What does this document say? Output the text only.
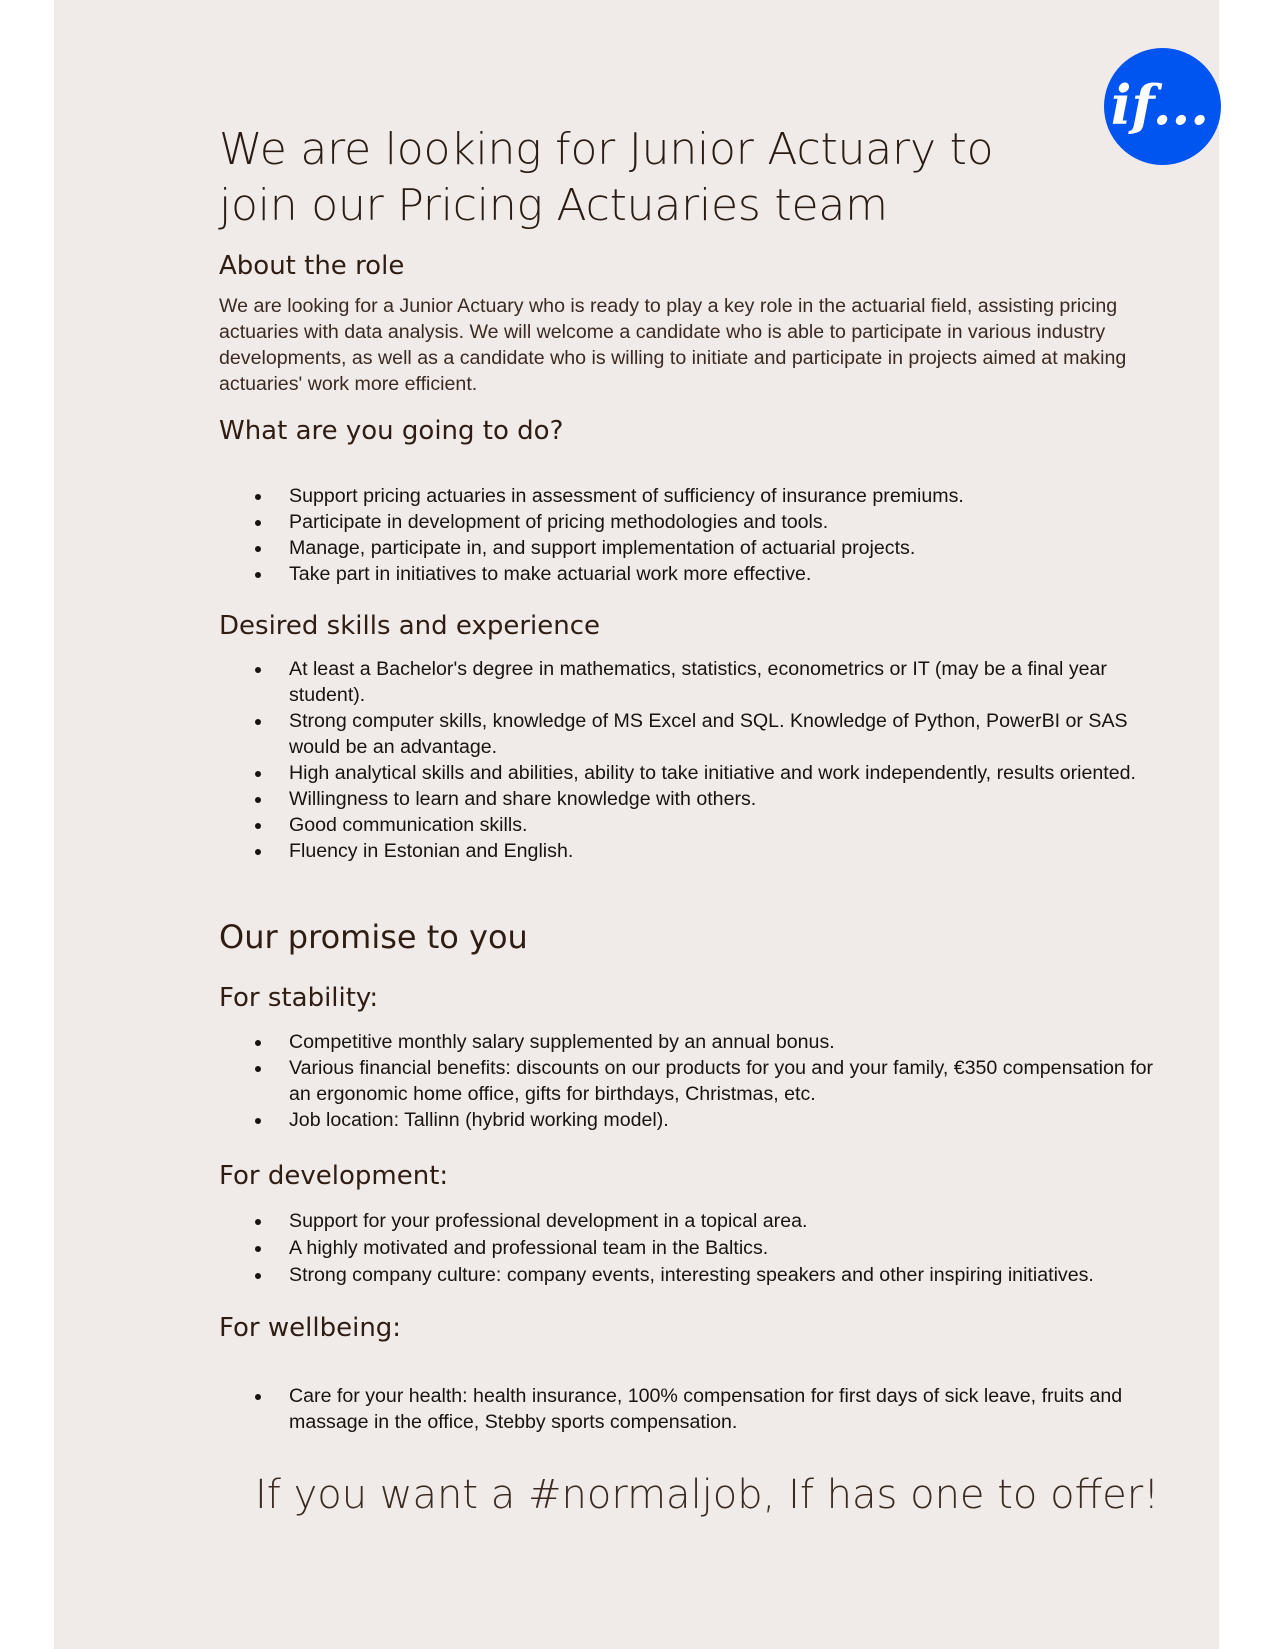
if...
We are looking for Junior Actuary to join our Pricing Actuaries team
About the role

We are looking for a Junior Actuary who is ready to play a key role in the actuarial field, assisting pricing actuaries with data analysis. We will welcome a candidate who is able to participate in various industry developments, as well as a candidate who is willing to initiate and participate in projects aimed at making actuaries' work more efficient.

What are you going to do?
Support pricing actuaries in assessment of sufficiency of insurance premiums.
Participate in development of pricing methodologies and tools.
Manage, participate in, and support implementation of actuarial projects.
Take part in initiatives to make actuarial work more effective.
Desired skills and experience
At least a Bachelor's degree in mathematics, statistics, econometrics or IT (may be a final year student).
Strong computer skills, knowledge of MS Excel and SQL. Knowledge of Python, PowerBI or SAS would be an advantage.
High analytical skills and abilities, ability to take initiative and work independently, results oriented.
Willingness to learn and share knowledge with others.
Good communication skills.
Fluency in Estonian and English.
Our promise to you
For stability:
Competitive monthly salary supplemented by an annual bonus.
Various financial benefits: discounts on our products for you and your family, €350 compensation for an ergonomic home office, gifts for birthdays, Christmas, etc.
Job location: Tallinn (hybrid working model).
For development:
Support for your professional development in a topical area.
A highly motivated and professional team in the Baltics.
Strong company culture: company events, interesting speakers and other inspiring initiatives.
For wellbeing:
Care for your health: health insurance, 100% compensation for first days of sick leave, fruits and massage in the office, Stebby sports compensation.

If you want a #normaljob, If has one to offer!
